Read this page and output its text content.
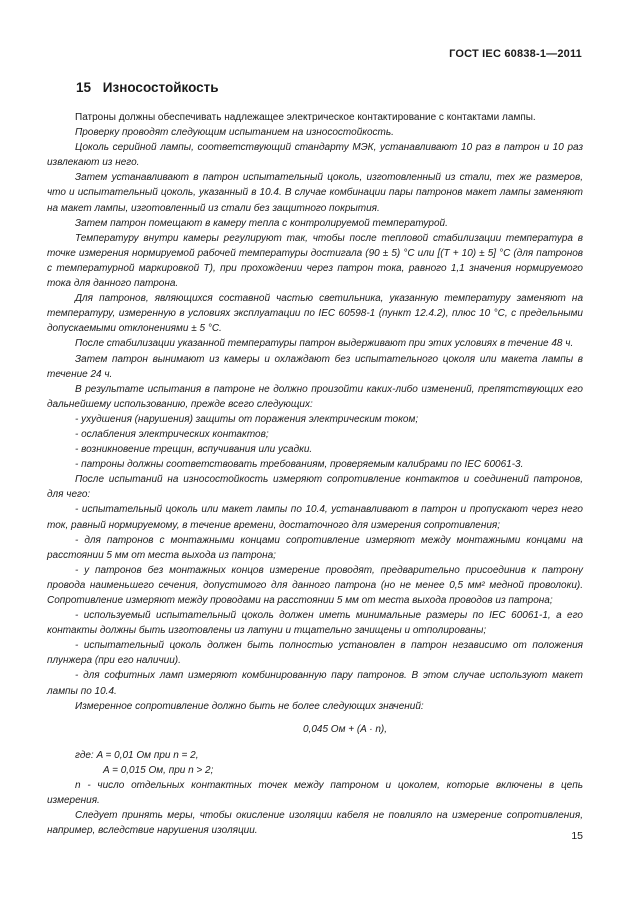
ГОСТ IEC 60838-1—2011
15 Износостойкость

Патроны должны обеспечивать надлежащее электрическое контактирование с контактами лампы.

Проверку проводят следующим испытанием на износостойкость.

Цоколь серийной лампы, соответствующий стандарту МЭК, устанавливают 10 раз в патрон и 10 раз извлекают из него.

Затем устанавливают в патрон испытательный цоколь, изготовленный из стали, тех же размеров, что и испытательный цоколь, указанный в 10.4. В случае комбинации пары патронов макет лампы заменяют на макет лампы, изготовленный из стали без защитного покрытия.

Затем патрон помещают в камеру тепла с контролируемой температурой.

Температуру внутри камеры регулируют так, чтобы после тепловой стабилизации температура в точке измерения нормируемой рабочей температуры достигала (90 ± 5) °С или [(T + 10) ± 5] °С (для патронов с температурной маркировкой T), при прохождении через патрон тока, равного 1,1 значения нормируемого тока для данного патрона.

Для патронов, являющихся составной частью светильника, указанную температуру заменяют на температуру, измеренную в условиях эксплуатации по IEC 60598-1 (пункт 12.4.2), плюс 10 °С, с предельными допускаемыми отклонениями ± 5 °С.

После стабилизации указанной температуры патрон выдерживают при этих условиях в течение 48 ч.

Затем патрон вынимают из камеры и охлаждают без испытательного цоколя или макета лампы в течение 24 ч.

В результате испытания в патроне не должно произойти каких-либо изменений, препятствующих его дальнейшему использованию, прежде всего следующих:

- ухудшения (нарушения) защиты от поражения электрическим током;

- ослабления электрических контактов;

- возникновение трещин, вспучивания или усадки.

- патроны должны соответствовать требованиям, проверяемым калибрами по IEC 60061-3.

После испытаний на износостойкость измеряют сопротивление контактов и соединений патронов, для чего:

- испытательный цоколь или макет лампы по 10.4, устанавливают в патрон и пропускают через него ток, равный нормируемому, в течение времени, достаточного для измерения сопротивления;

- для патронов с монтажными концами сопротивление измеряют между монтажными концами на расстоянии 5 мм от места выхода из патрона;

- у патронов без монтажных концов измерение проводят, предварительно присоединив к патрону провода наименьшего сечения, допустимого для данного патрона (но не менее 0,5 мм² медной проволоки). Сопротивление измеряют между проводами на расстоянии 5 мм от места выхода проводов из патрона;

- используемый испытательный цоколь должен иметь минимальные размеры по IEC 60061-1, а его контакты должны быть изготовлены из латуни и тщательно зачищены и отполированы;

- испытательный цоколь должен быть полностью установлен в патрон независимо от положения плунжера (при его наличии).

- для софитных ламп измеряют комбинированную пару патронов. В этом случае используют макет лампы по 10.4.

Измеренное сопротивление должно быть не более следующих значений:

0,045 Ом + (A · n),

где: A = 0,01 Ом при n = 2,

A = 0,015 Ом, при n > 2;

n - число отдельных контактных точек между патроном и цоколем, которые включены в цепь измерения.

Следует принять меры, чтобы окисление изоляции кабеля не повлияло на измерение сопротивления, например, вследствие нарушения изоляции.	15
